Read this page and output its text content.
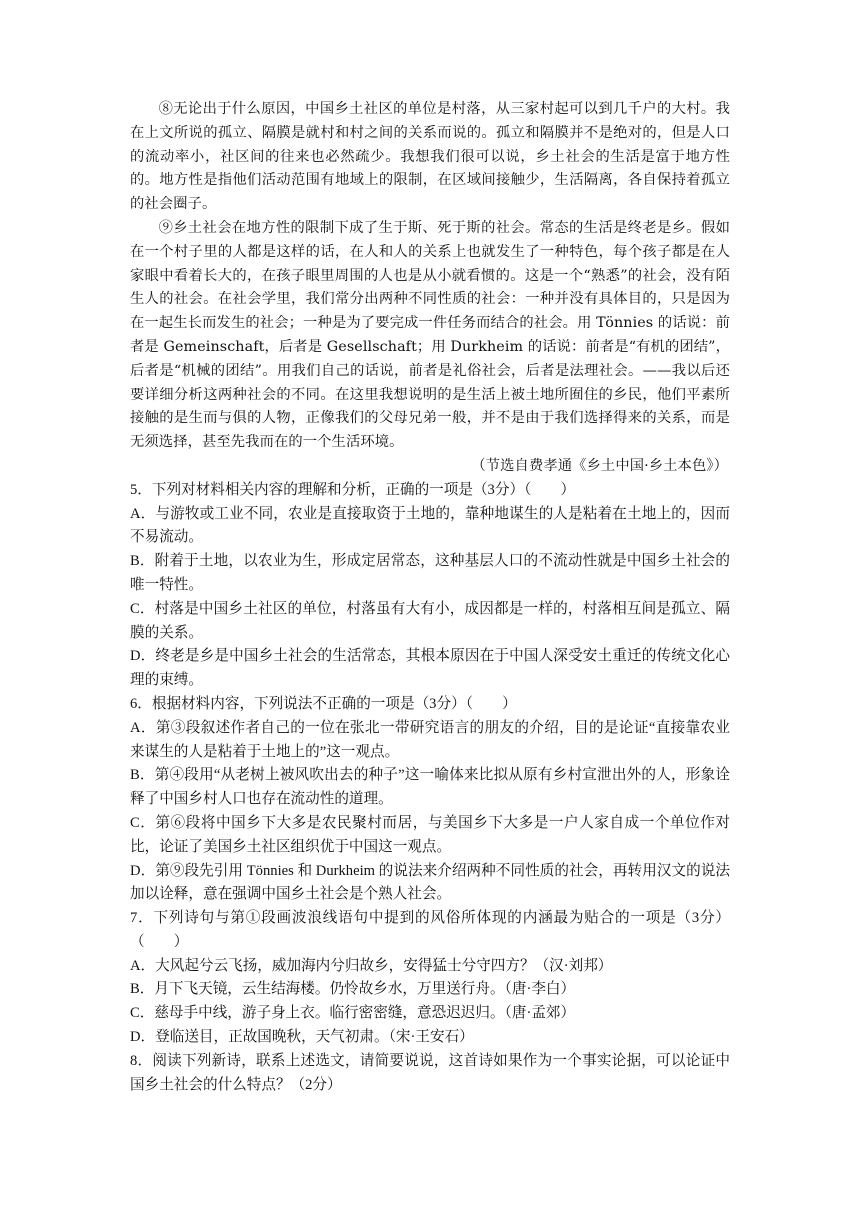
⑧无论出于什么原因，中国乡土社区的单位是村落，从三家村起可以到几千户的大村。我在上文所说的孤立、隔膜是就村和村之间的关系而说的。孤立和隔膜并不是绝对的，但是人口的流动率小，社区间的往来也必然疏少。我想我们很可以说，乡土社会的生活是富于地方性的。地方性是指他们活动范围有地域上的限制，在区域间接触少，生活隔离，各自保持着孤立的社会圈子。

⑨乡土社会在地方性的限制下成了生于斯、死于斯的社会。常态的生活是终老是乡。假如在一个村子里的人都是这样的话，在人和人的关系上也就发生了一种特色，每个孩子都是在人家眼中看着长大的，在孩子眼里周围的人也是从小就看惯的。这是一个“熟悉”的社会，没有陌生人的社会。在社会学里，我们常分出两种不同性质的社会：一种并没有具体目的，只是因为在一起生长而发生的社会；一种是为了要完成一件任务而结合的社会。用 Tönnies 的话说：前者是 Gemeinschaft，后者是 Gesellschaft；用 Durkheim 的话说：前者是“有机的团结”，后者是“机械的团结”。用我们自己的话说，前者是礼俗社会，后者是法理社会。——我以后还要详细分析这两种社会的不同。在这里我想说明的是生活上被土地所囿住的乡民，他们平素所接触的是生而与俱的人物，正像我们的父母兄弟一般，并不是由于我们选择得来的关系，而是无须选择，甚至先我而在的一个生活环境。

（节选自费孝通《乡土中国·乡土本色》）

5．下列对材料相关内容的理解和分析，正确的一项是（3分）（　　）

A．与游牧或工业不同，农业是直接取资于土地的，靠种地谋生的人是粘着在土地上的，因而不易流动。

B．附着于土地，以农业为生，形成定居常态，这种基层人口的不流动性就是中国乡土社会的唯一特性。

C．村落是中国乡土社区的单位，村落虽有大有小，成因都是一样的，村落相互间是孤立、隔膜的关系。

D．终老是乡是中国乡土社会的生活常态，其根本原因在于中国人深受安土重迁的传统文化心理的束缚。

6．根据材料内容，下列说法不正确的一项是（3分）（　　）

A．第③段叙述作者自己的一位在张北一带研究语言的朋友的介绍，目的是论证“直接靠农业来谋生的人是粘着于土地上的”这一观点。

B．第④段用“从老树上被风吹出去的种子”这一喻体来比拟从原有乡村宣泄出外的人，形象诠释了中国乡村人口也存在流动性的道理。

C．第⑥段将中国乡下大多是农民聚村而居，与美国乡下大多是一户人家自成一个单位作对比，论证了美国乡土社区组织优于中国这一观点。

D．第⑨段先引用 Tönnies 和 Durkheim 的说法来介绍两种不同性质的社会，再转用汉文的说法加以诠释，意在强调中国乡土社会是个熟人社会。

7．下列诗句与第①段画波浪线语句中提到的风俗所体现的内涵最为贴合的一项是（3分）（　　）

A．大风起兮云飞扬，威加海内兮归故乡，安得猛士兮守四方？（汉·刘邦）

B．月下飞天镜，云生结海楼。仍怜故乡水，万里送行舟。（唐·李白）

C．慈母手中线，游子身上衣。临行密密缝，意恐迟迟归。（唐·孟郊）

D．登临送目，正故国晚秋，天气初肃。（宋·王安石）

8．阅读下列新诗，联系上述选文，请简要说说，这首诗如果作为一个事实论据，可以论证中国乡土社会的什么特点？（2分）
